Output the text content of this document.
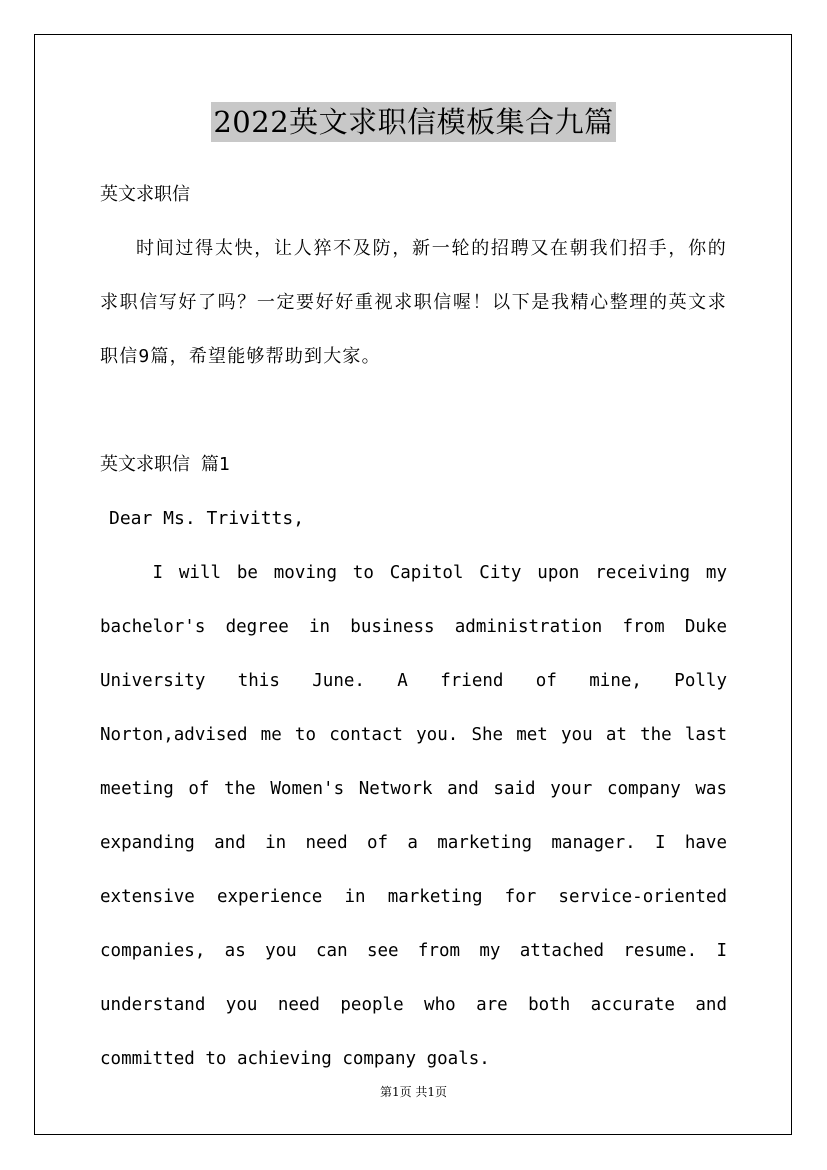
2022英文求职信模板集合九篇

英文求职信

时间过得太快，让人猝不及防，新一轮的招聘又在朝我们招手，你的求职信写好了吗？一定要好好重视求职信喔！以下是我精心整理的英文求职信9篇，希望能够帮助到大家。

英文求职信 篇1

Dear Ms. Trivitts,

I will be moving to Capitol City upon receiving my bachelor's degree in business administration from Duke University this June. A friend of mine, Polly Norton,advised me to contact you. She met you at the last meeting of the Women's Network and said your company was expanding and in need of a marketing manager. I have extensive experience in marketing for service-oriented companies, as you can see from my attached resume. I understand you need people who are both accurate and committed to achieving company goals.

第1页 共1页
